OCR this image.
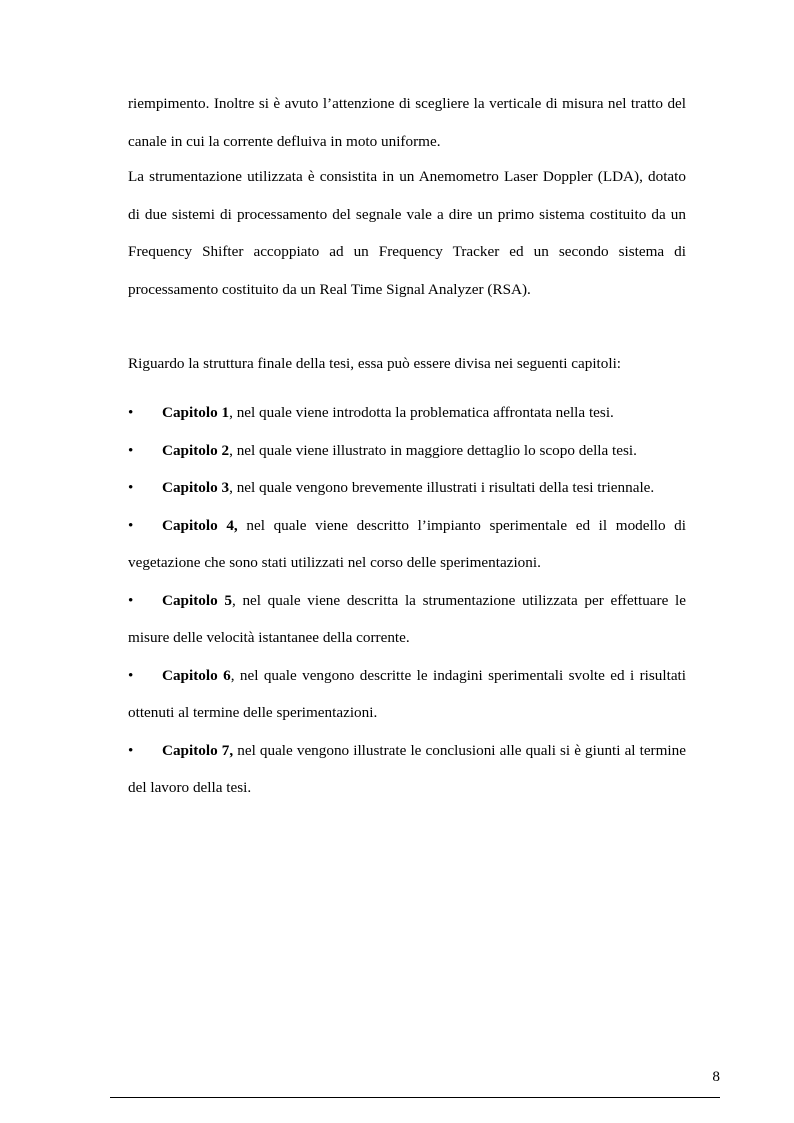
riempimento. Inoltre si è avuto l’attenzione di scegliere la verticale di misura nel tratto del canale in cui la corrente defluiva in moto uniforme.

La strumentazione utilizzata è consistita in un Anemometro Laser Doppler (LDA), dotato di due sistemi di processamento del segnale vale a dire un primo sistema costituito da un Frequency Shifter accoppiato ad un Frequency Tracker ed un secondo sistema di processamento costituito da un Real Time Signal Analyzer (RSA).

Riguardo la struttura finale della tesi, essa può essere divisa nei seguenti capitoli:

• Capitolo 1, nel quale viene introdotta la problematica affrontata nella tesi.
• Capitolo 2, nel quale viene illustrato in maggiore dettaglio lo scopo della tesi.
• Capitolo 3, nel quale vengono brevemente illustrati i risultati della tesi triennale.
• Capitolo 4, nel quale viene descritto l’impianto sperimentale ed il modello di vegetazione che sono stati utilizzati nel corso delle sperimentazioni.
• Capitolo 5, nel quale viene descritta la strumentazione utilizzata per effettuare le misure delle velocità istantanee della corrente.
• Capitolo 6, nel quale vengono descritte le indagini sperimentali svolte ed i risultati ottenuti al termine delle sperimentazioni.
• Capitolo 7, nel quale vengono illustrate le conclusioni alle quali si è giunti al termine del lavoro della tesi.
8
